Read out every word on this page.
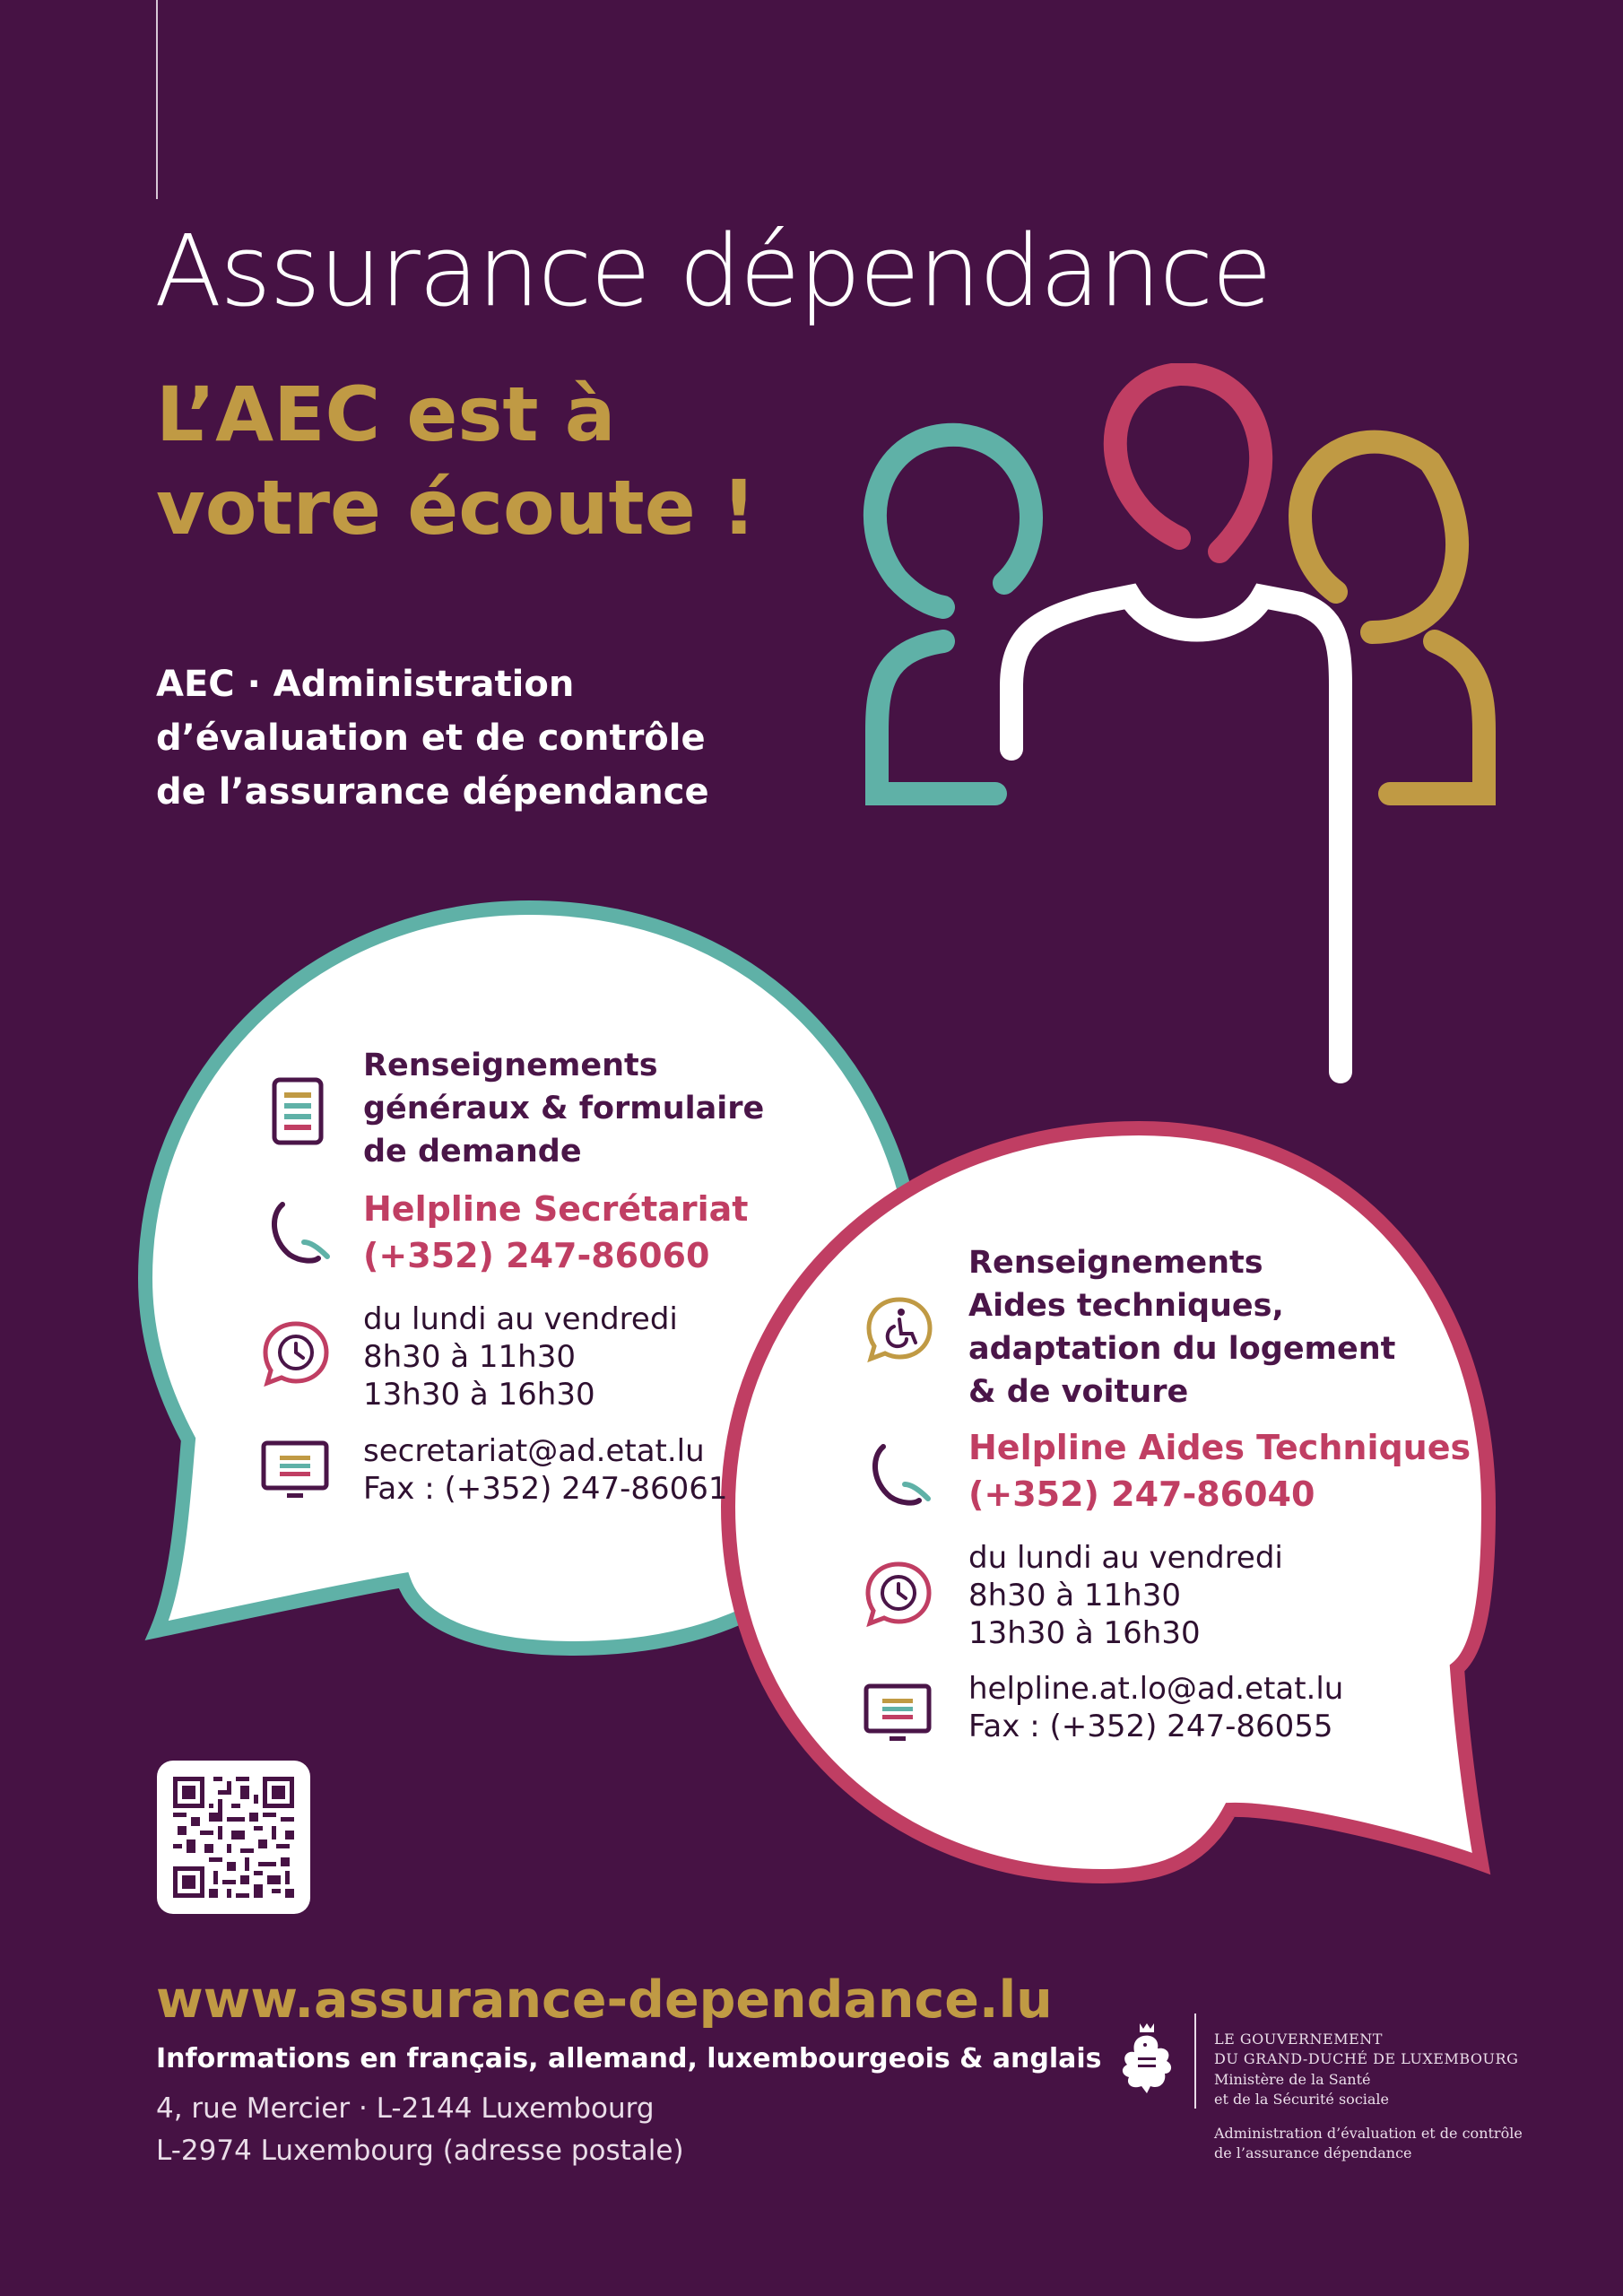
Assurance dépendance
L’AEC est à
votre écoute !
AEC · Administration
d’évaluation et de contrôle
de l’assurance dépendance
Renseignements
généraux & formulaire
de demande
Helpline Secrétariat
(+352) 247-86060
du lundi au vendredi
8h30 à 11h30
13h30 à 16h30
secretariat@ad.etat.lu
Fax : (+352) 247-86061
Renseignements
Aides techniques,
adaptation du logement
& de voiture
Helpline Aides Techniques
(+352) 247-86040
du lundi au vendredi
8h30 à 11h30
13h30 à 16h30
helpline.at.lo@ad.etat.lu
Fax : (+352) 247-86055
www.assurance-dependance.lu
Informations en français, allemand, luxembourgeois & anglais
4, rue Mercier · L-2144 Luxembourg
L-2974 Luxembourg (adresse postale)
LE GOUVERNEMENT
DU GRAND-DUCHÉ DE LUXEMBOURG
Ministère de la Santé
et de la Sécurité sociale
Administration d’évaluation et de contrôle
de l’assurance dépendance
